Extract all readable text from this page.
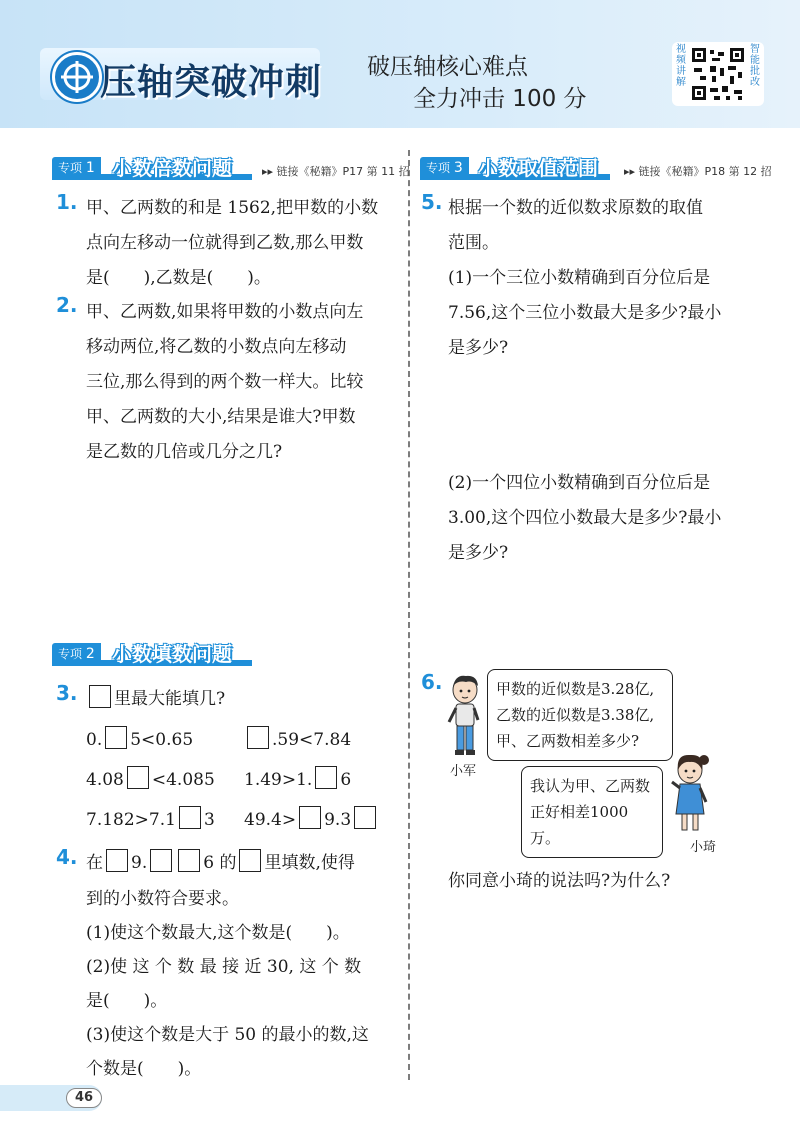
压轴突破冲刺 破压轴核心难点
全力冲击 100 分
视频讲解
智能批改
专项 1 小数倍数问题	▸▸ 链接《秘籍》P17 第 11 招
1. 甲、乙两数的和是 1562,把甲数的小数
点向左移动一位就得到乙数,那么甲数
是(　　),乙数是(　　)。
2. 甲、乙两数,如果将甲数的小数点向左
移动两位,将乙数的小数点向左移动
三位,那么得到的两个数一样大。比较
甲、乙两数的大小,结果是谁大?甲数
是乙数的几倍或几分之几?
专项 2 小数填数问题
3.	里最大能填几?
0. 5<0.65	.59<7.84
4.08 <4.085 1.49>1. 6
7.182>7.1 3 49.4> 9.3
4. 在 9.	6 的 里填数,使得
到的小数符合要求。
(1)使这个数最大,这个数是(　　)。
(2)使 这 个 数 最 接 近 30, 这 个 数
是(　　)。
(3)使这个数是大于 50 的最小的数,这
个数是(　　)。
专项 3 小数取值范围 ▸▸ 链接《秘籍》P18 第 12 招
5. 根据一个数的近似数求原数的取值
范围。
(1)一个三位小数精确到百分位后是
7.56,这个三位小数最大是多少?最小
是多少?
(2)一个四位小数精确到百分位后是
3.00,这个四位小数最大是多少?最小
是多少?
6.
小军
甲数的近似数是3.28亿,
乙数的近似数是3.38亿,
甲、乙两数相差多少?
我认为甲、乙两数
正好相差1000万。
小琦
你同意小琦的说法吗?为什么?
46
